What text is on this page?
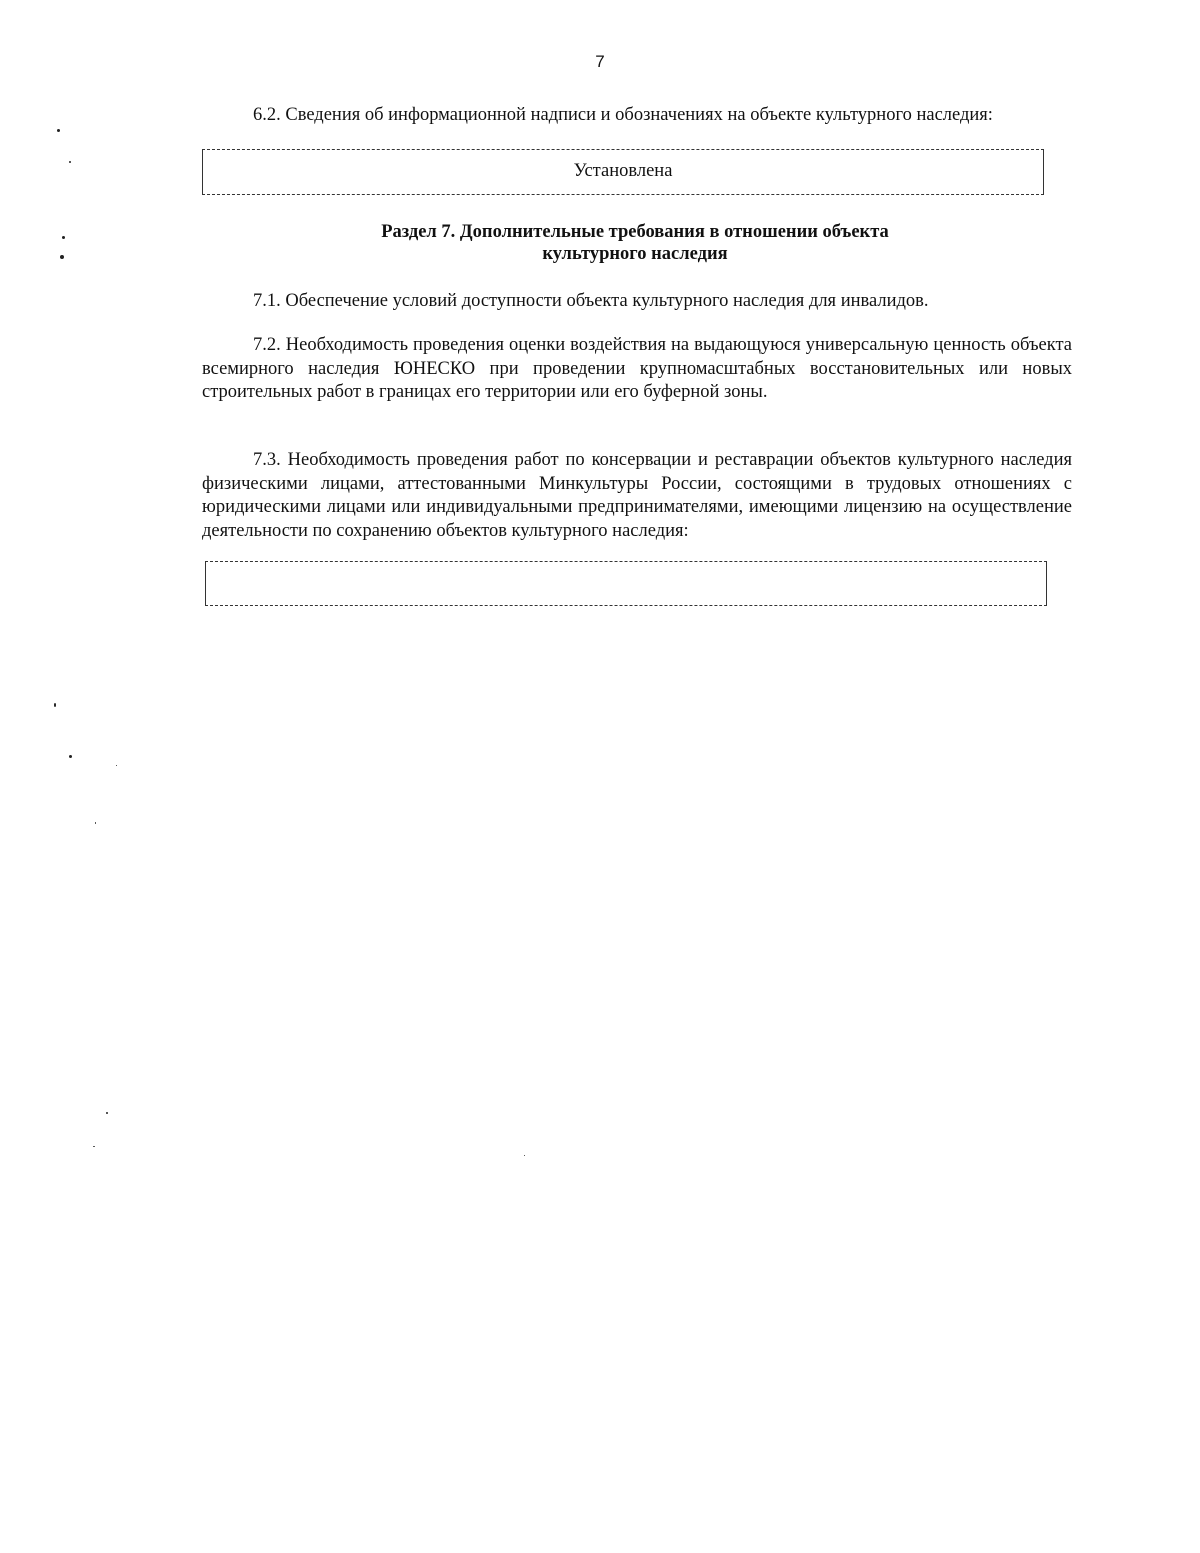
7
6.2. Сведения об информационной надписи и обозначениях на объекте культурного наследия:
Установлена
Раздел 7. Дополнительные требования в отношении объекта
культурного наследия
7.1. Обеспечение условий доступности объекта культурного наследия для инвалидов.

7.2. Необходимость проведения оценки воздействия на выдающуюся универсальную ценность объекта всемирного наследия ЮНЕСКО при проведении крупномасштабных восстановительных или новых строительных работ в границах его территории или его буферной зоны.

7.3. Необходимость проведения работ по консервации и реставрации объектов культурного наследия физическими лицами, аттестованными Минкультуры России, состоящими в трудовых отношениях с юридическими лицами или индивидуальными предпринимателями, имеющими лицензию на осуществление деятельности по сохранению объектов культурного наследия:
